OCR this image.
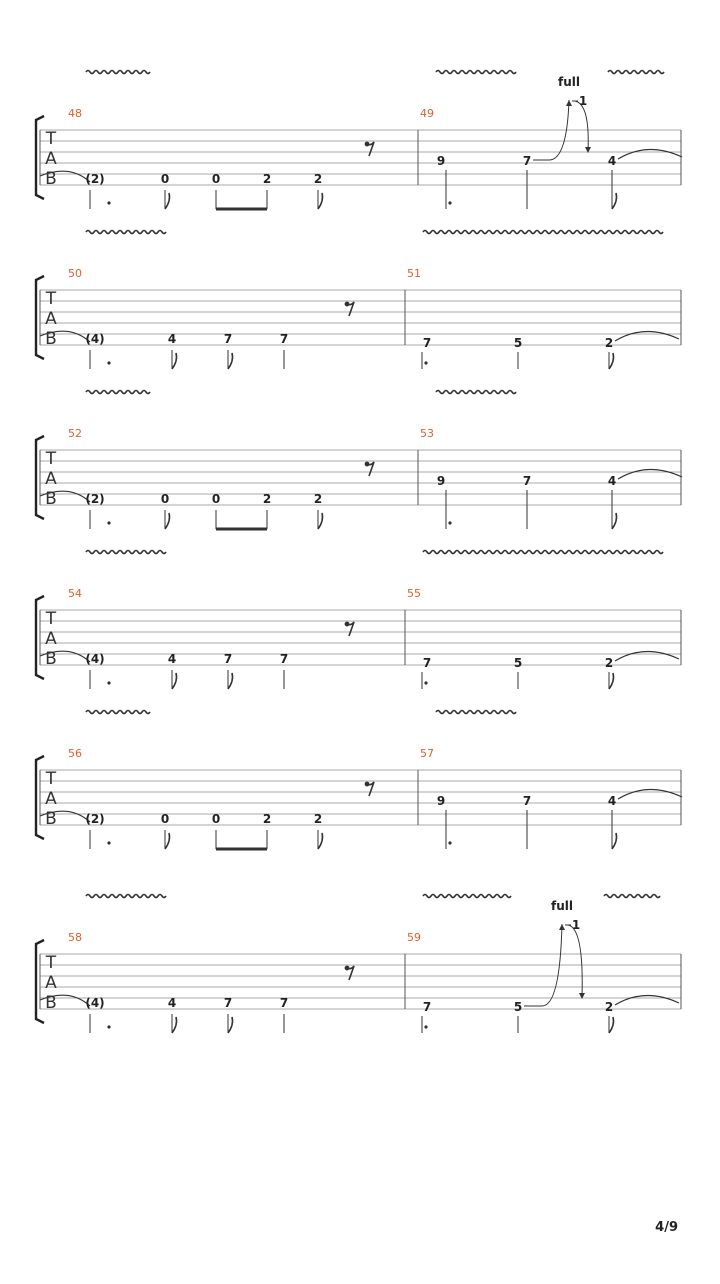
T
A
B
48	49
(2)	0	0	2	2
9	7	4
full
1
T
A
B
50	51
(4)	4	7	7	7	5	2
T
A
B
52	53
(2)	0	0	2	2
9	7	4
T
A
B
54	55
(4)	4	7	7	7	5	2
T
A
B
56	57
(2)	0	0	2	2
9	7	4
T
A
B
58	59
(4)	4	7	7	7	5	2
full
1
4/9
